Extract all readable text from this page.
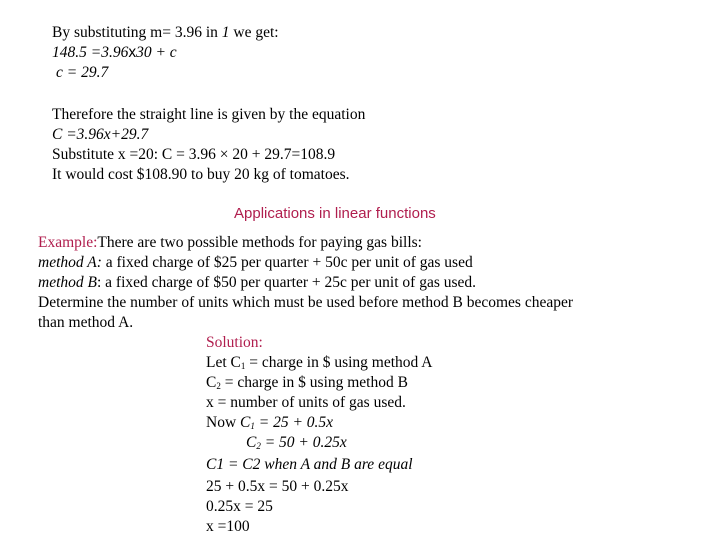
By substituting m= 3.96 in 1 we get:
148.5 =3.96x30 + c
c = 29.7
Therefore the straight line is given by the equation
C =3.96x+29.7
Substitute x =20: C = 3.96 × 20 + 29.7=108.9
It would cost $108.90 to buy 20 kg of tomatoes.
Applications in linear functions
Example:There are two possible methods for paying gas bills:
method A: a fixed charge of $25 per quarter + 50c per unit of gas used
method B: a fixed charge of $50 per quarter + 25c per unit of gas used.
Determine the number of units which must be used before method B becomes cheaper
than method A.
Solution:
Let $C_1$ = charge in $ using method A
$C_2$ = charge in $ using method B
x = number of units of gas used.
Now $C_1 = 25 + 0.5x$
$C_2 = 50 + 0.25x$
C1 = C2 when A and B are equal
25 + 0.5x = 50 + 0.25x
0.25x = 25
x =100
